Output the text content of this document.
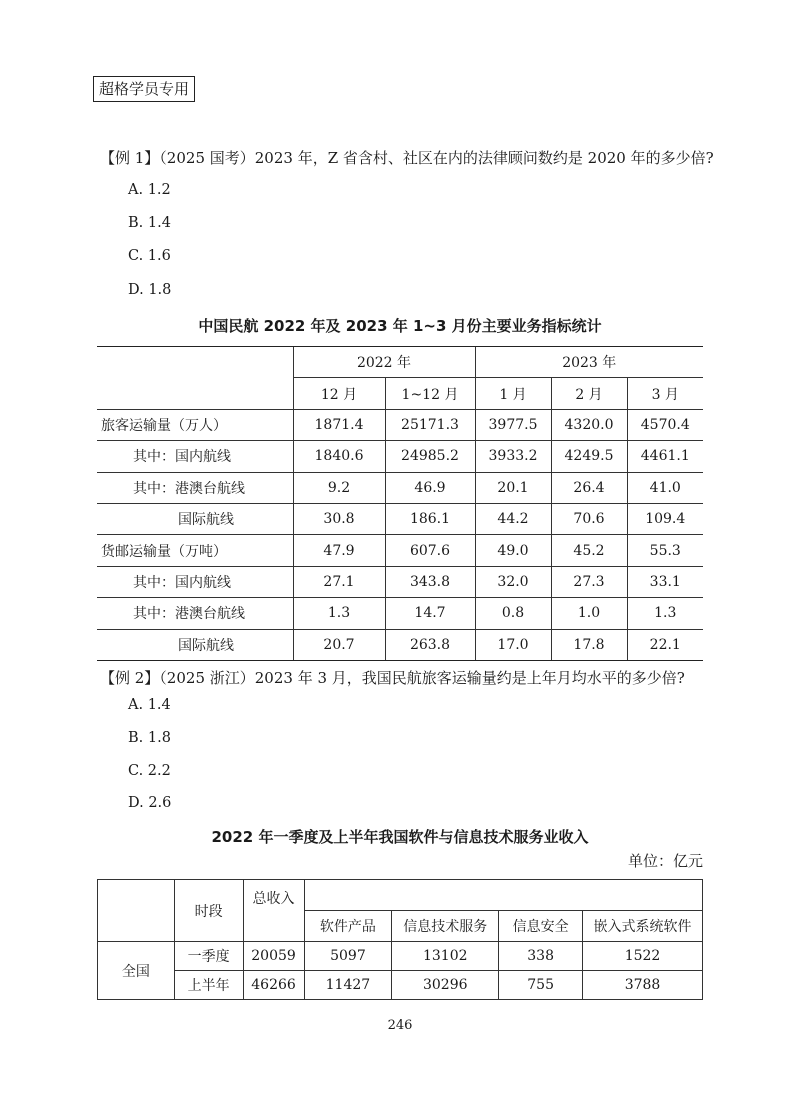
超格学员专用
【例 1】（2025 国考）2023 年，Z 省含村、社区在内的法律顾问数约是 2020 年的多少倍?
A. 1.2
B. 1.4
C. 1.6
D. 1.8
中国民航 2022 年及 2023 年 1~3 月份主要业务指标统计
	2022 年		2023 年		
	12 月	1~12 月	1 月	2 月	3 月
旅客运输量（万人）	1871.4	25171.3	3977.5	4320.0	4570.4
其中：国内航线	1840.6	24985.2	3933.2	4249.5	4461.1
其中：港澳台航线	9.2	46.9	20.1	26.4	41.0
国际航线	30.8	186.1	44.2	70.6	109.4
货邮运输量（万吨）	47.9	607.6	49.0	45.2	55.3
其中：国内航线	27.1	343.8	32.0	27.3	33.1
其中：港澳台航线	1.3	14.7	0.8	1.0	1.3
国际航线	20.7	263.8	17.0	17.8	22.1
【例 2】（2025 浙江）2023 年 3 月，我国民航旅客运输量约是上年月均水平的多少倍?
A. 1.4
B. 1.8
C. 2.2
D. 2.6
2022 年一季度及上半年我国软件与信息技术服务业收入
单位：亿元
	时段	总收入				
			软件产品	信息技术服务	信息安全	嵌入式系统软件
全国	一季度	20059	5097	13102	338	1522
	上半年	46266	11427	30296	755	3788
246
